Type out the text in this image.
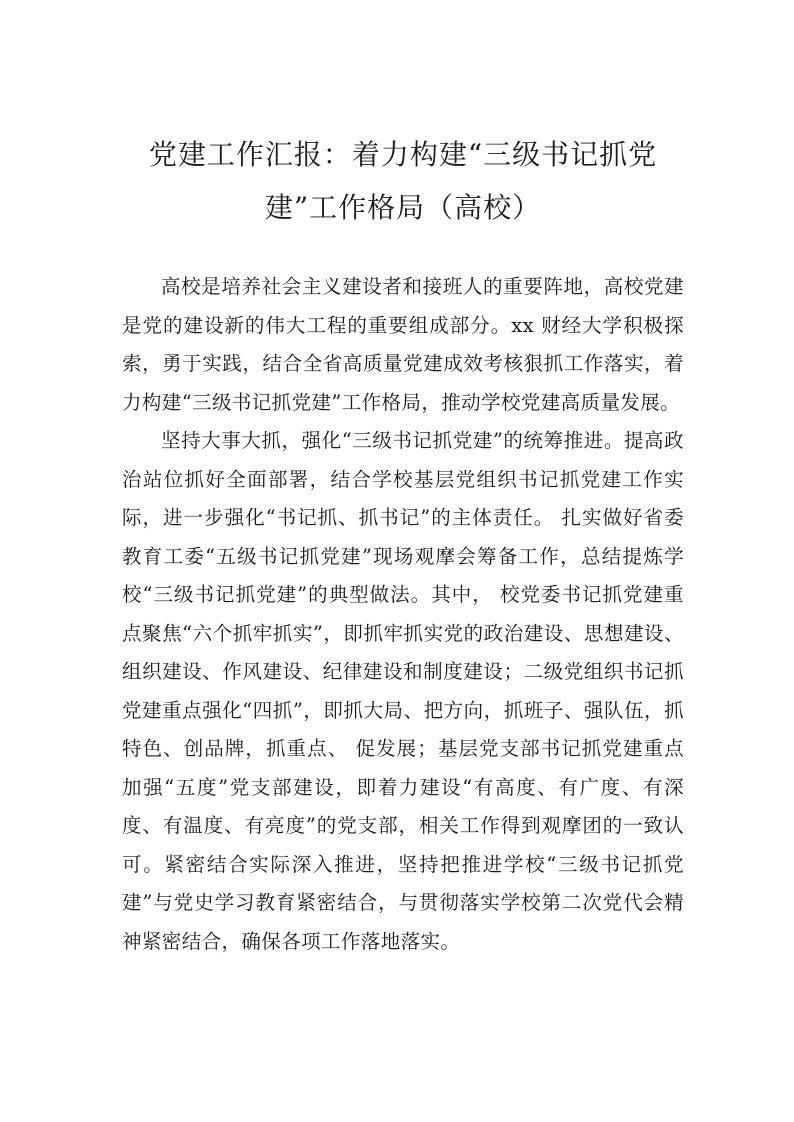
党建工作汇报：着力构建“三级书记抓党
建”工作格局（高校）

高校是培养社会主义建设者和接班人的重要阵地，高校党建是党的建设新的伟大工程的重要组成部分。xx 财经大学积极探索，勇于实践，结合全省高质量党建成效考核狠抓工作落实，着力构建“三级书记抓党建”工作格局，推动学校党建高质量发展。

坚持大事大抓，强化“三级书记抓党建”的统筹推进。提高政治站位抓好全面部署，结合学校基层党组织书记抓党建工作实际，进一步强化“书记抓、抓书记”的主体责任。 扎实做好省委教育工委“五级书记抓党建”现场观摩会筹备工作，总结提炼学校“三级书记抓党建”的典型做法。其中， 校党委书记抓党建重点聚焦“六个抓牢抓实”，即抓牢抓实党的政治建设、思想建设、组织建设、作风建设、纪律建设和制度建设；二级党组织书记抓党建重点强化“四抓”，即抓大局、把方向，抓班子、强队伍，抓特色、创品牌，抓重点、 促发展；基层党支部书记抓党建重点加强“五度”党支部建设，即着力建设“有高度、有广度、有深度、有温度、有亮度”的党支部，相关工作得到观摩团的一致认可。紧密结合实际深入推进，坚持把推进学校“三级书记抓党建”与党史学习教育紧密结合，与贯彻落实学校第二次党代会精神紧密结合，确保各项工作落地落实。
